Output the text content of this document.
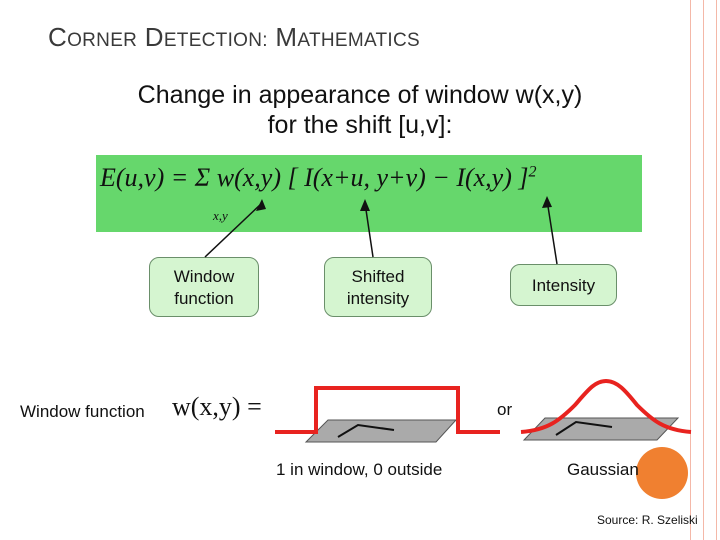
CORNER DETECTION: MATHEMATICS
Change in appearance of window w(x,y)
for the shift [u,v]:
E(u,v) = Σ w(x,y) [ I(x+u, y+v) − I(x,y) ]$^2$
x,y
Window
function
Shifted
intensity
Intensity
Window function w(x,y) =	or
1 in window, 0 outside	Gaussian
Source: R. Szeliski
